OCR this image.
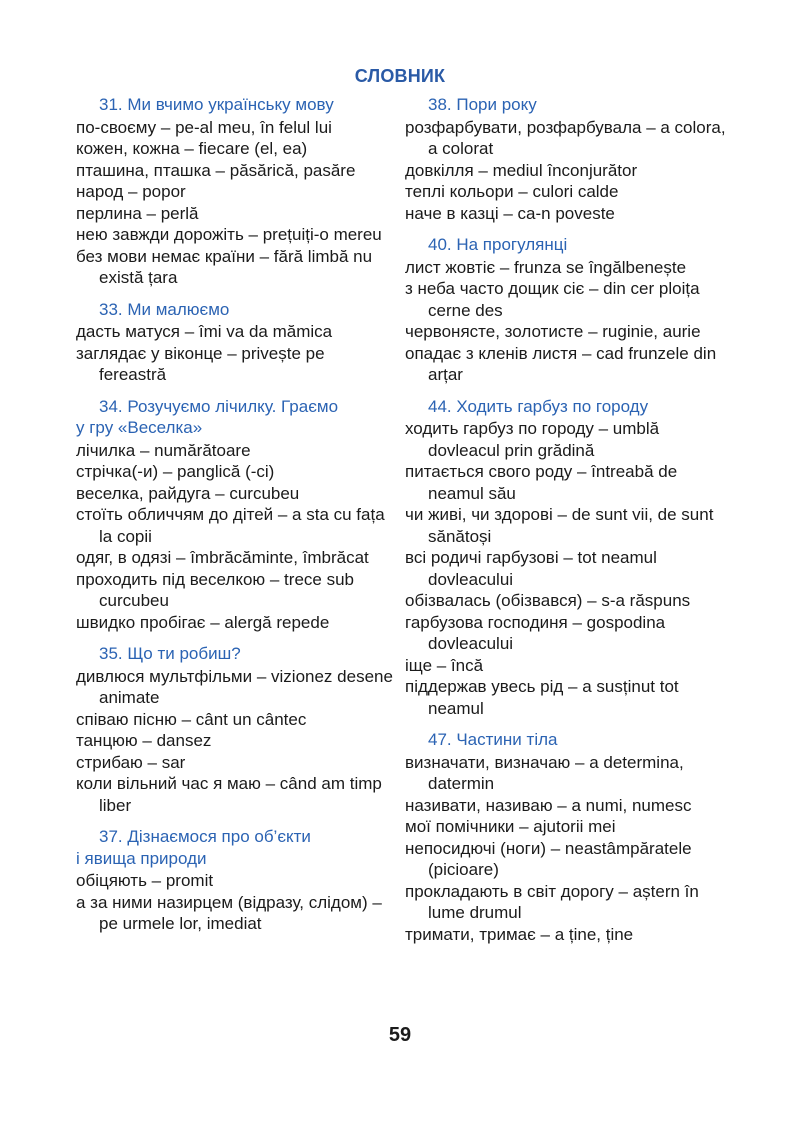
СЛОВНИК
31. Ми вчимо українську мову
по-своєму – pe-al meu, în felul lui
кожен, кожна – fiecare (el, ea)
пташина, пташка – păsărică, pasăre
народ – popor
перлина – perlă
нею завжди дорожіть – prețuiți-o mereu
без мови немає країни – fără limbă nu există țara
33. Ми малюємо
дасть матуся – îmi va da mămica
заглядає у віконце – privește pe fereastră
34. Розучуємо лічилку. Граємо
у гру «Веселка»
лічилка – numărătoare
стрічка(-и) – panglică (-ci)
веселка, райдуга – curcubeu
стоїть обличчям до дітей – a sta cu fața la copii
одяг, в одязі – îmbrăcăminte, îmbrăcat
проходить під веселкою – trece sub curcubeu
швидко пробігає – alergă repede
35. Що ти робиш?
дивлюся мультфільми – vizionez desene animate
співаю пісню – cânt un cântec
танцюю – dansez
стрибаю – sar
коли вільний час я маю – când am timp liber
37. Дізнаємося про об’єкти
і явища природи
обіцяють – promit
а за ними назирцем (відразу, слідом) – pe urmele lor, imediat
38. Пори року
розфарбувати, розфарбувала – a colora, a colorat
довкілля – mediul înconjurător
теплі кольори – culori calde
наче в казці – ca-n poveste
40. На прогулянці
лист жовтіє – frunza se îngălbenește
з неба часто дощик сіє – din cer ploița cerne des
червонясте, золотисте – ruginie, aurie
опадає з кленів листя – cad frunzele din arțar
44. Ходить гарбуз по городу
ходить гарбуз по городу – umblă dovleacul prin grădină
питається свого роду – întreabă de neamul său
чи живі, чи здорові – de sunt vii, de sunt sănătoși
всі родичі гарбузові – tot neamul dovleacului
обізвалась (обізвався) – s-a răspuns
гарбузова господиня – gospodina dovleacului
іще – încă
піддержав увесь рід – a susținut tot neamul
47. Частини тіла
визначати, визначаю – a determina, datermin
називати, називаю – a numi, numesc
мої помічники – ajutorii mei
непосидючі (ноги) – neastâmpăratele (picioare)
прокладають в світ дорогу – aștern în lume drumul
тримати, тримає – a ține, ține
59
